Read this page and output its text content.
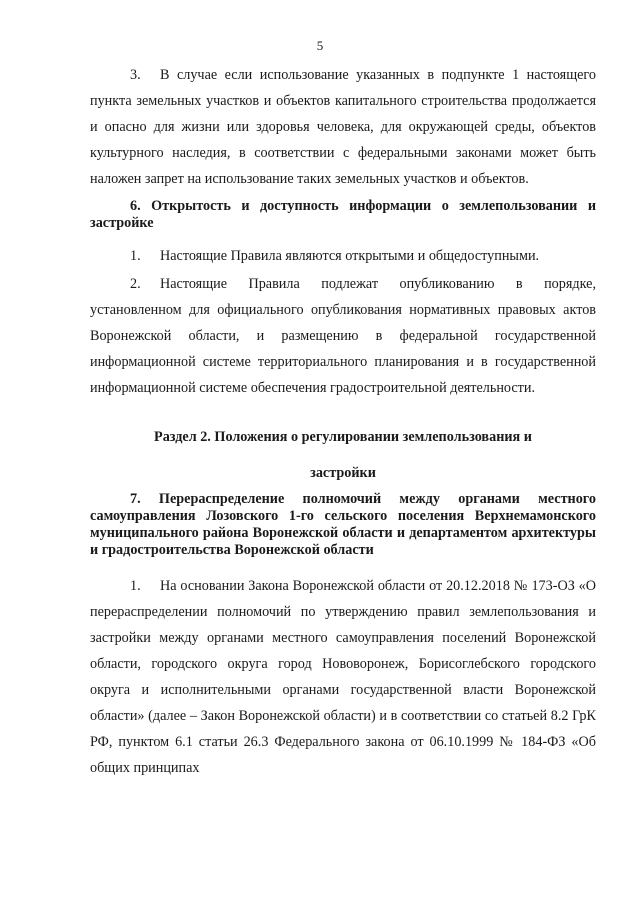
5

3. В случае если использование указанных в подпункте 1 настоящего пункта земельных участков и объектов капитального строительства продолжается и опасно для жизни или здоровья человека, для окружающей среды, объектов культурного наследия, в соответствии с федеральными законами может быть наложен запрет на использование таких земельных участков и объектов.

6. Открытость и доступность информации о землепользовании и застройке

1. Настоящие Правила являются открытыми и общедоступными.

2. Настоящие Правила подлежат опубликованию в порядке, установленном для официального опубликования нормативных правовых актов Воронежской области, и размещению в федеральной государственной информационной системе территориального планирования и в государственной информационной системе обеспечения градостроительной деятельности.

Раздел 2. Положения о регулировании землепользования и
застройки

7. Перераспределение полномочий между органами местного самоуправления Лозовского 1-го сельского поселения Верхнемамонского муниципального района Воронежской области и департаментом архитектуры и градостроительства Воронежской области

1. На основании Закона Воронежской области от 20.12.2018 № 173-ОЗ «О перераспределении полномочий по утверждению правил землепользования и застройки между органами местного самоуправления поселений Воронежской области, городского округа город Нововоронеж, Борисоглебского городского округа и исполнительными органами государственной власти Воронежской области» (далее – Закон Воронежской области) и в соответствии со статьей 8.2 ГрК РФ, пунктом 6.1 статьи 26.3 Федерального закона от 06.10.1999 № 184-ФЗ «Об общих принципах
